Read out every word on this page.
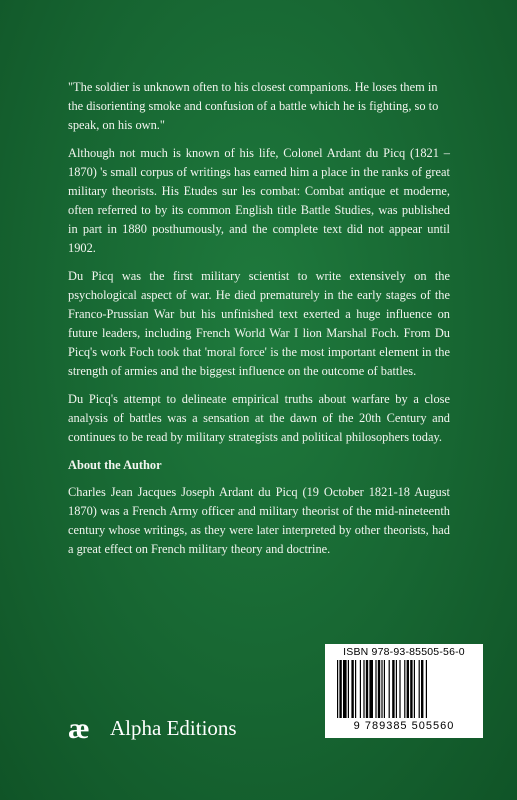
"The soldier is unknown often to his closest companions. He loses them in the disorienting smoke and confusion of a battle which he is fighting, so to speak, on his own."

Although not much is known of his life, Colonel Ardant du Picq (1821 – 1870) 's small corpus of writings has earned him a place in the ranks of great military theorists. His Etudes sur les combat: Combat antique et moderne, often referred to by its common English title Battle Studies, was published in part in 1880 posthumously, and the complete text did not appear until 1902.

Du Picq was the first military scientist to write extensively on the psychological aspect of war. He died prematurely in the early stages of the Franco-Prussian War but his unfinished text exerted a huge influence on future leaders, including French World War I lion Marshal Foch. From Du Picq's work Foch took that 'moral force' is the most important element in the strength of armies and the biggest influence on the outcome of battles.

Du Picq's attempt to delineate empirical truths about warfare by a close analysis of battles was a sensation at the dawn of the 20th Century and continues to be read by military strategists and political philosophers today.

About the Author

Charles Jean Jacques Joseph Ardant du Picq (19 October 1821-18 August 1870) was a French Army officer and military theorist of the mid-nineteenth century whose writings, as they were later interpreted by other theorists, had a great effect on French military theory and doctrine.

ISBN 978-93-85505-56-0
9 789385 505560
æ Alpha Editions
